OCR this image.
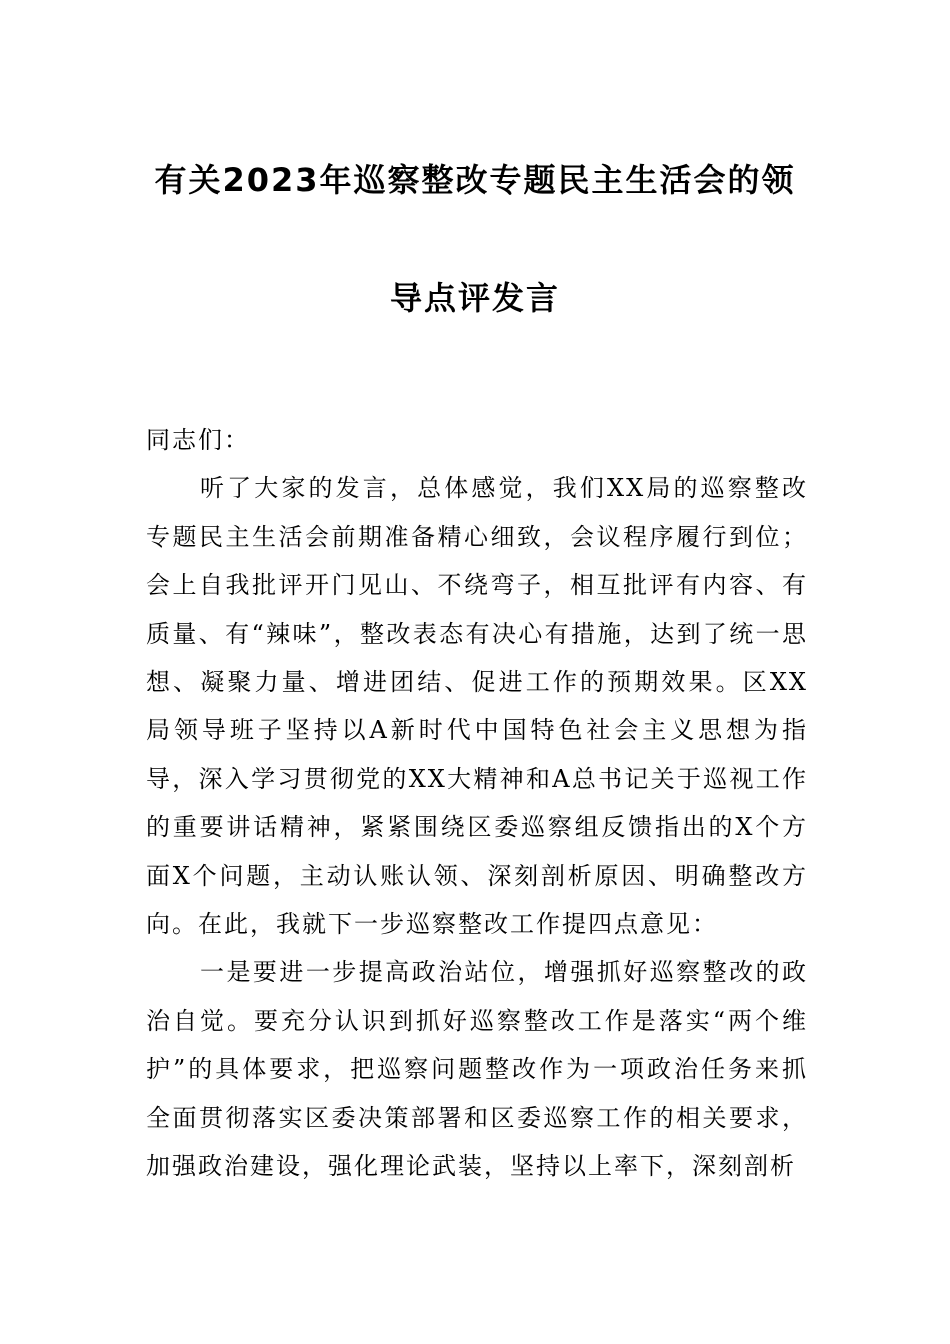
有关2023年巡察整改专题民主生活会的领
导点评发言

同志们：

听了大家的发言，总体感觉，我们XX局的巡察整改专题民主生活会前期准备精心细致，会议程序履行到位；会上自我批评开门见山、不绕弯子，相互批评有内容、有质量、有“辣味”，整改表态有决心有措施，达到了统一思想、凝聚力量、增进团结、促进工作的预期效果。区XX局领导班子坚持以A新时代中国特色社会主义思想为指导，深入学习贯彻党的XX大精神和A总书记关于巡视工作的重要讲话精神，紧紧围绕区委巡察组反馈指出的X个方面X个问题，主动认账认领、深刻剖析原因、明确整改方向。在此，我就下一步巡察整改工作提四点意见：

一是要进一步提高政治站位，增强抓好巡察整改的政治自觉。要充分认识到抓好巡察整改工作是落实“两个维护”的具体要求，把巡察问题整改作为一项政治任务来抓全面贯彻落实区委决策部署和区委巡察工作的相关要求，加强政治建设，强化理论武装，坚持以上率下，深刻剖析
